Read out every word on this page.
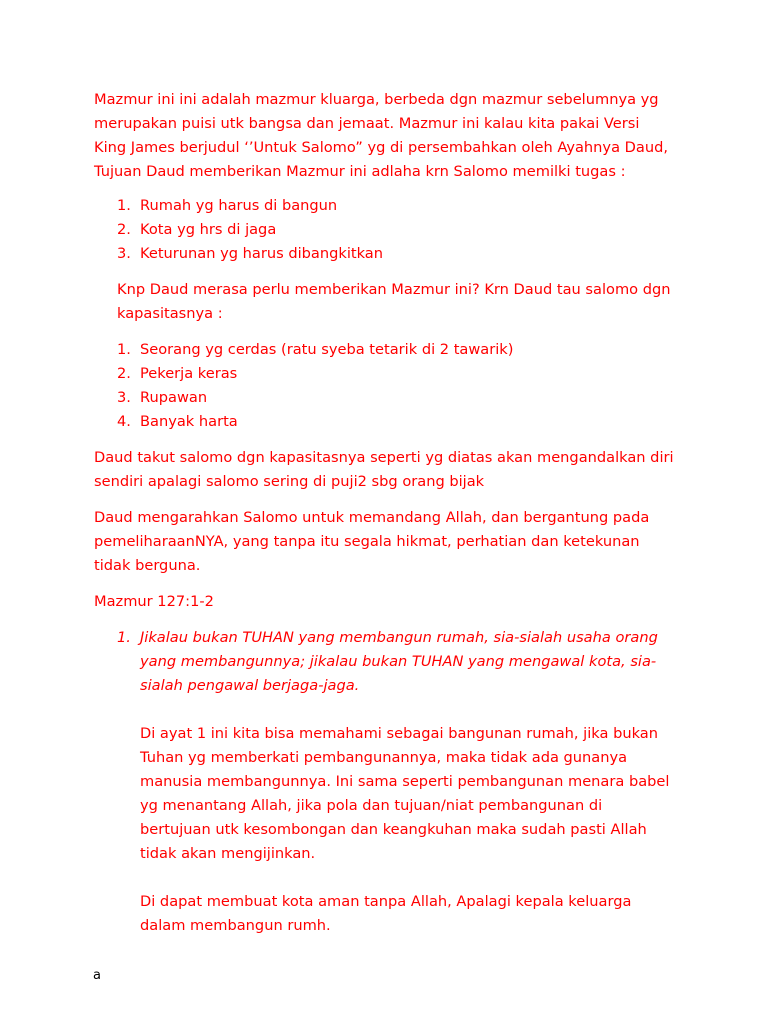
Mazmur ini ini adalah mazmur kluarga, berbeda dgn mazmur sebelumnya yg
merupakan puisi utk bangsa dan jemaat. Mazmur ini kalau kita pakai Versi
King James berjudul ‘’Untuk Salomo” yg di persembahkan oleh Ayahnya Daud,
Tujuan Daud memberikan Mazmur ini adlaha krn Salomo memilki tugas :
1. Rumah yg harus di bangun
2. Kota yg hrs di jaga
3. Keturunan yg harus dibangkitkan
Knp Daud merasa perlu memberikan Mazmur ini? Krn Daud tau salomo dgn
kapasitasnya :
1. Seorang yg cerdas (ratu syeba tetarik di 2 tawarik)
2. Pekerja keras
3. Rupawan
4. Banyak harta
Daud takut salomo dgn kapasitasnya seperti yg diatas akan mengandalkan diri
sendiri apalagi salomo sering di puji2 sbg orang bijak
Daud mengarahkan Salomo untuk memandang Allah, dan bergantung pada
pemeliharaanNYA, yang tanpa itu segala hikmat, perhatian dan ketekunan
tidak berguna.
Mazmur 127:1-2
1. Jikalau bukan TUHAN yang membangun rumah, sia-sialah usaha orang
yang membangunnya; jikalau bukan TUHAN yang mengawal kota, sia-
sialah pengawal berjaga-jaga.
Di ayat 1 ini kita bisa memahami sebagai bangunan rumah, jika bukan
Tuhan yg memberkati pembangunannya, maka tidak ada gunanya
manusia membangunnya. Ini sama seperti pembangunan menara babel
yg menantang Allah, jika pola dan tujuan/niat pembangunan di
bertujuan utk kesombongan dan keangkuhan maka sudah pasti Allah
tidak akan mengijinkan.
Di dapat membuat kota aman tanpa Allah, Apalagi kepala keluarga
dalam membangun rumh.
a
